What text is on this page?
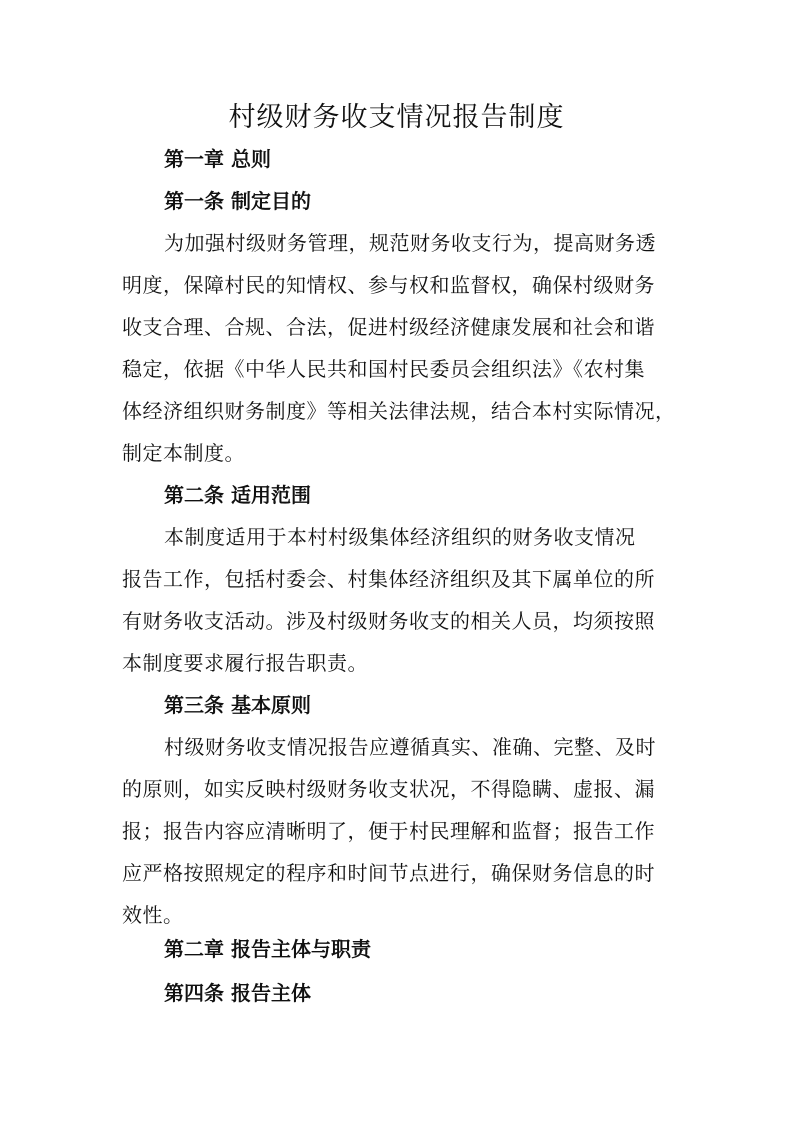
村级财务收支情况报告制度
第一章 总则
第一条 制定目的
为加强村级财务管理，规范财务收支行为，提高财务透
明度，保障村民的知情权、参与权和监督权，确保村级财务
收支合理、合规、合法，促进村级经济健康发展和社会和谐
稳定，依据《中华人民共和国村民委员会组织法》《农村集
体经济组织财务制度》等相关法律法规，结合本村实际情况，
制定本制度。
第二条 适用范围
本制度适用于本村村级集体经济组织的财务收支情况
报告工作，包括村委会、村集体经济组织及其下属单位的所
有财务收支活动。涉及村级财务收支的相关人员，均须按照
本制度要求履行报告职责。
第三条 基本原则
村级财务收支情况报告应遵循真实、准确、完整、及时
的原则，如实反映村级财务收支状况，不得隐瞒、虚报、漏
报；报告内容应清晰明了，便于村民理解和监督；报告工作
应严格按照规定的程序和时间节点进行，确保财务信息的时
效性。
第二章 报告主体与职责
第四条 报告主体
